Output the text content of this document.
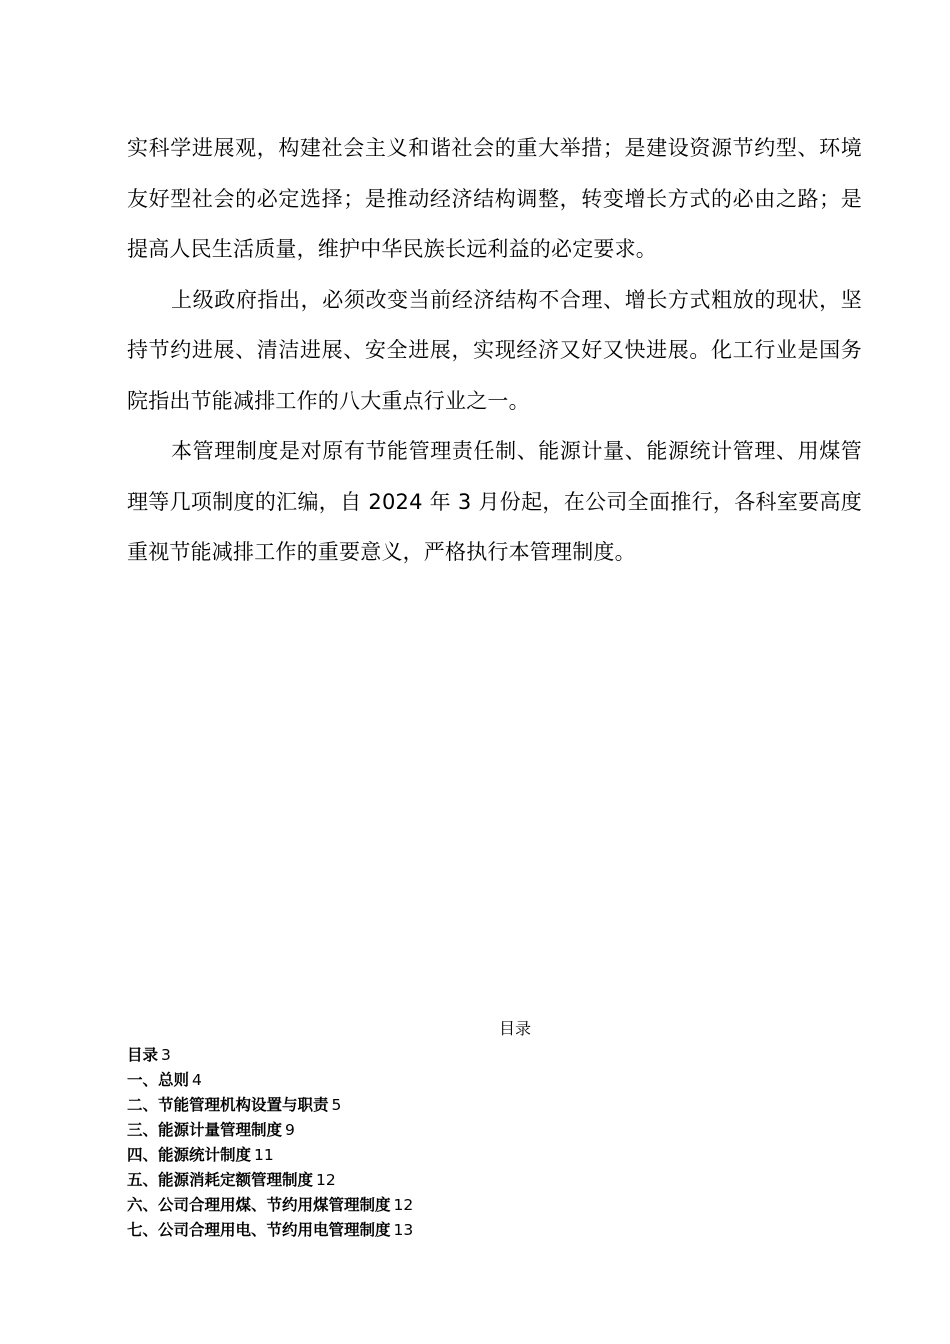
实科学进展观，构建社会主义和谐社会的重大举措；是建设资源节约型、环境友好型社会的必定选择；是推动经济结构调整，转变增长方式的必由之路；是提高人民生活质量，维护中华民族长远利益的必定要求。

上级政府指出，必须改变当前经济结构不合理、增长方式粗放的现状，坚持节约进展、清洁进展、安全进展，实现经济又好又快进展。化工行业是国务院指出节能减排工作的八大重点行业之一。

本管理制度是对原有节能管理责任制、能源计量、能源统计管理、用煤管理等几项制度的汇编，自 2024 年 3 月份起，在公司全面推行，各科室要高度重视节能减排工作的重要意义，严格执行本管理制度。

目录
目录 3
一、总则 4
二、节能管理机构设置与职责 5
三、能源计量管理制度 9
四、能源统计制度 11
五、能源消耗定额管理制度 12
六、公司合理用煤、节约用煤管理制度 12
七、公司合理用电、节约用电管理制度 13
